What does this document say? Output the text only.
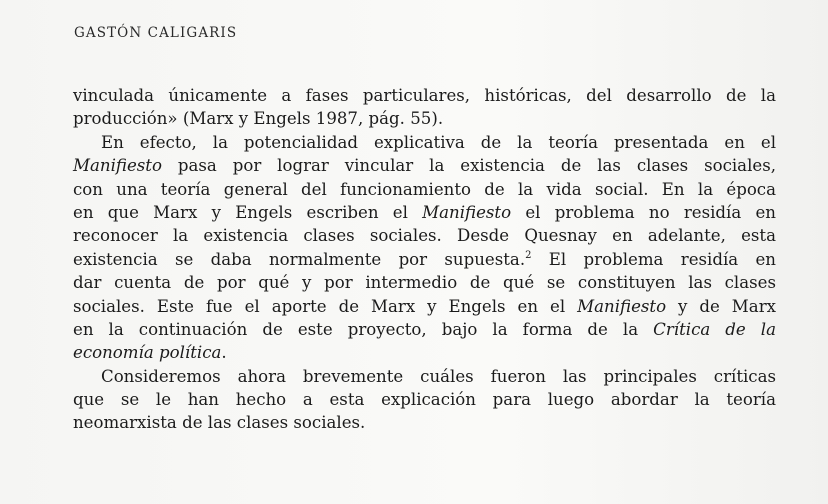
GASTÓN CALIGARIS
vinculada únicamente a fases particulares, históricas, del desarrollo de la
producción» (Marx y Engels 1987, pág. 55).
En efecto, la potencialidad explicativa de la teoría presentada en el
Manifiesto pasa por lograr vincular la existencia de las clases sociales,
con una teoría general del funcionamiento de la vida social. En la época
en que Marx y Engels escriben el Manifiesto el problema no residía en
reconocer la existencia clases sociales. Desde Quesnay en adelante, esta
existencia se daba normalmente por supuesta.$^2$ El problema residía en
dar cuenta de por qué y por intermedio de qué se constituyen las clases
sociales. Este fue el aporte de Marx y Engels en el Manifiesto y de Marx
en la continuación de este proyecto, bajo la forma de la Crítica de la
economía política.
Consideremos ahora brevemente cuáles fueron las principales críticas
que se le han hecho a esta explicación para luego abordar la teoría
neomarxista de las clases sociales.
